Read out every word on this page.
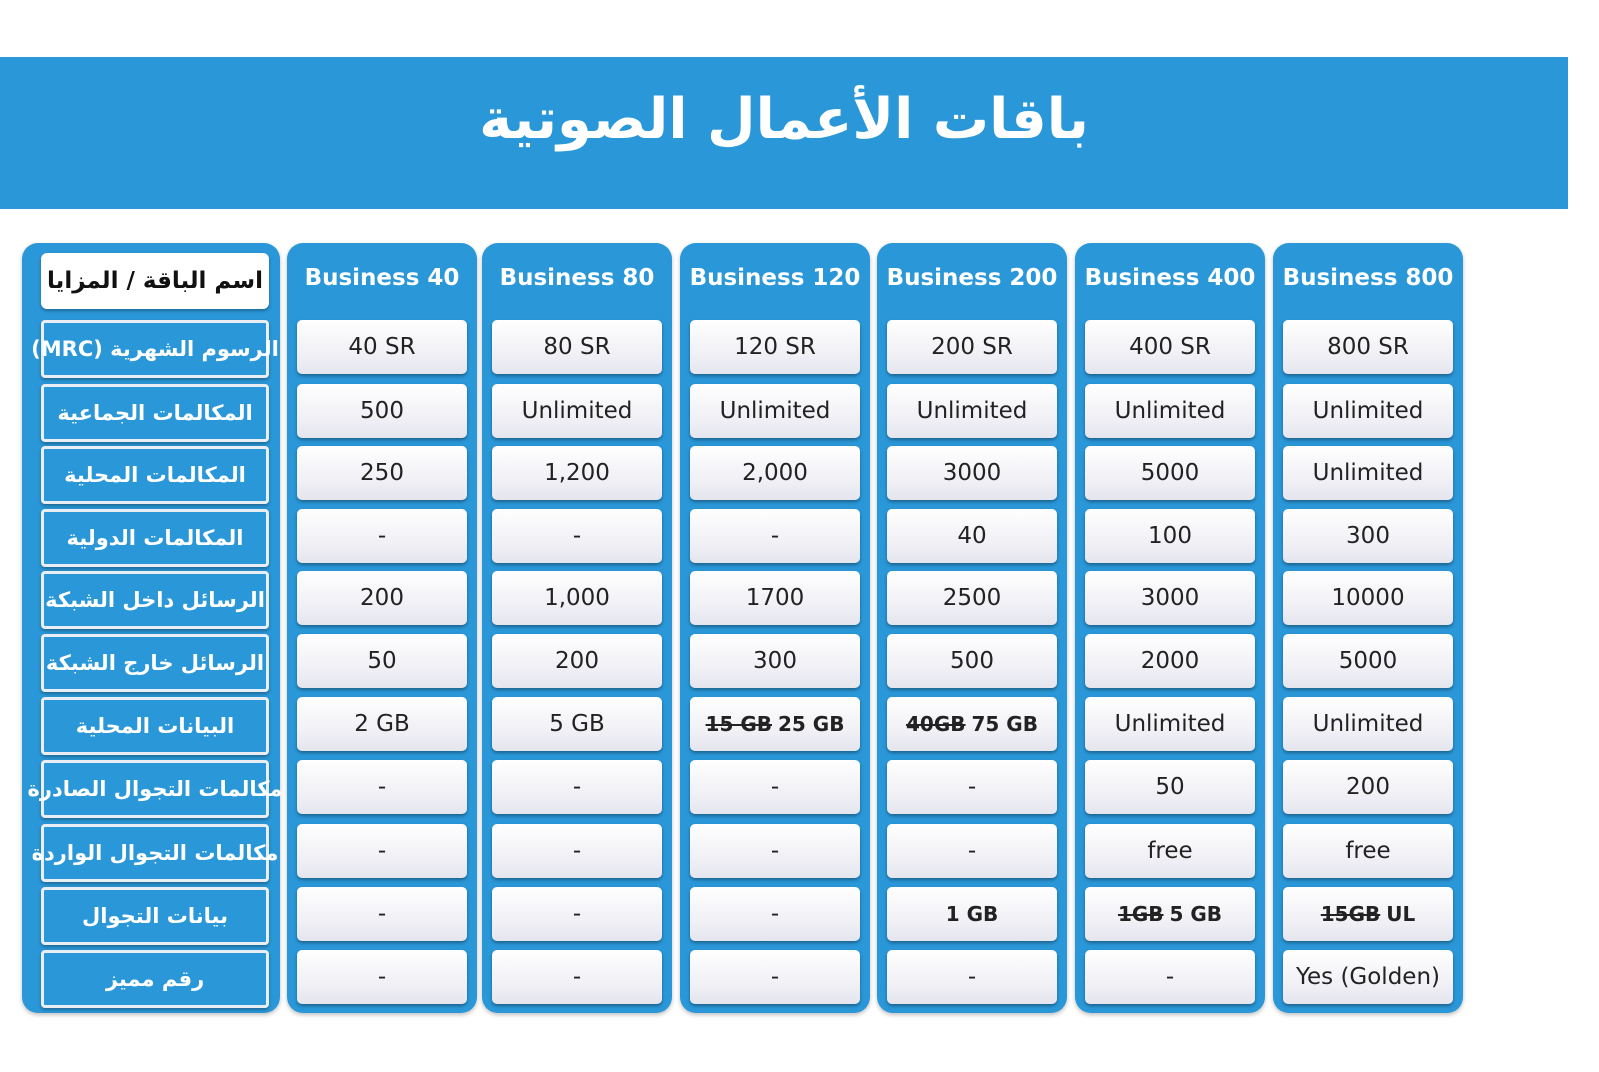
باقات الأعمال الصوتية
اسم الباقة / المزايا
الرسوم الشهرية (MRC)
المكالمات الجماعية
المكالمات المحلية
المكالمات الدولية
الرسائل داخل الشبكة
الرسائل خارج الشبكة
البيانات المحلية
مكالمات التجوال الصادرة
مكالمات التجوال الواردة
بيانات التجوال
رقم مميز
Business 40
40 SR
500
250
-
200
50
2 GB
-
-
-
-
Business 80
80 SR
Unlimited
1,200
-
1,000
200
5 GB
-
-
-
-
Business 120
120 SR
Unlimited
2,000
-
1700
300
15 GB 25 GB
-
-
-
-
Business 200
200 SR
Unlimited
3000
40
2500
500
40GB 75 GB
-
-
1 GB
-
Business 400
400 SR
Unlimited
5000
100
3000
2000
Unlimited
50
free
1GB 5 GB
-
Business 800
800 SR
Unlimited
Unlimited
300
10000
5000
Unlimited
200
free
15GB UL
Yes (Golden)
